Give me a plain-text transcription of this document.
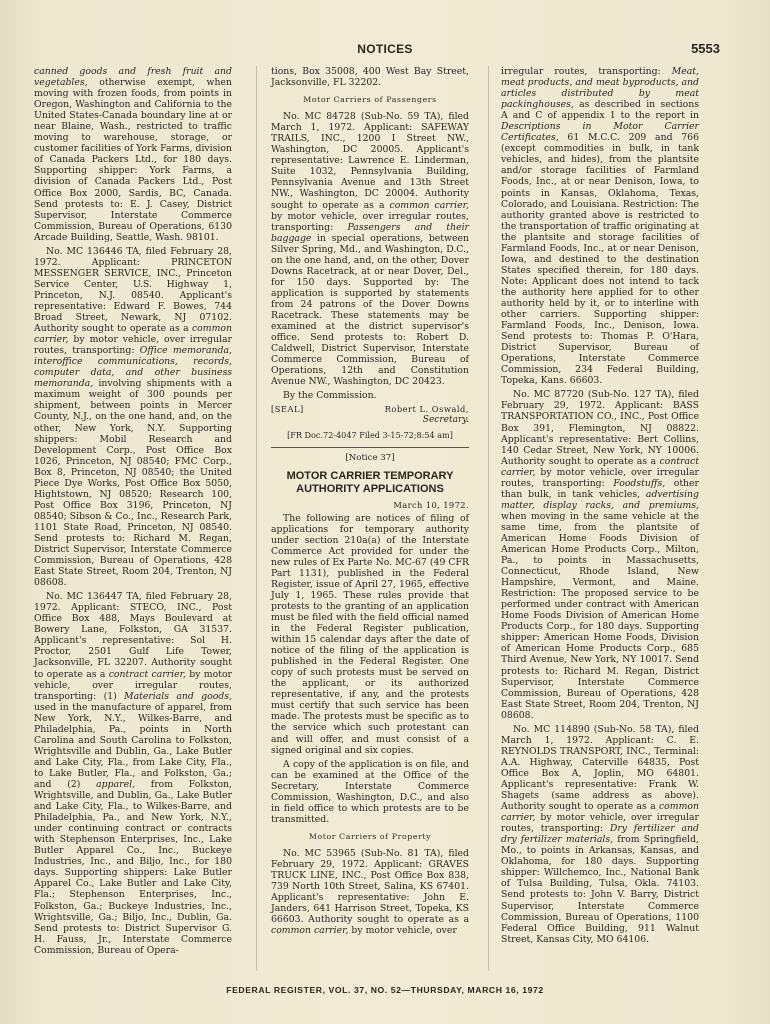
NOTICES	5553

canned goods and fresh fruit and vegetables, otherwise exempt, when moving with frozen foods, from points in Oregon, Washington and California to the United States-Canada boundary line at or near Blaine, Wash., restricted to traffic moving to warehouse, storage, or customer facilities of York Farms, division of Canada Packers Ltd., for 180 days. Supporting shipper: York Farms, a division of Canada Packers Ltd., Post Office Box 2000, Sardis, BC, Canada. Send protests to: E. J. Casey, District Supervisor, Interstate Commerce Commission, Bureau of Operations, 6130 Arcade Building, Seattle, Wash. 98101.

No. MC 136446 TA, filed February 28, 1972. Applicant: PRINCETON MESSENGER SERVICE, INC., Princeton Service Center, U.S. Highway 1, Princeton, N.J. 08540. Applicant's representative: Edward F. Bowes, 744 Broad Street, Newark, NJ 07102. Authority sought to operate as a common carrier, by motor vehicle, over irregular routes, transporting: Office memoranda, interoffice communications, records, computer data, and other business memoranda, involving shipments with a maximum weight of 300 pounds per shipment, between points in Mercer County, N.J., on the one hand, and, on the other, New York, N.Y. Supporting shippers: Mobil Research and Development Corp., Post Office Box 1026, Princeton, NJ 08540; FMC Corp., Box 8, Princeton, NJ 08540; the United Piece Dye Works, Post Office Box 5050, Hightstown, NJ 08520; Research 100, Post Office Box 3196, Princeton, NJ 08540; Sibson & Co., Inc., Research Park, 1101 State Road, Princeton, NJ 08540. Send protests to: Richard M. Regan, District Supervisor, Interstate Commerce Commission, Bureau of Operations, 428 East State Street, Room 204, Trenton, NJ 08608.

No. MC 136447 TA, filed February 28, 1972. Applicant: STECO, INC., Post Office Box 488, Mays Boulevard at Bowery Lane, Folkston, GA 31537. Applicant's representative: Sol H. Proctor, 2501 Gulf Life Tower, Jacksonville, FL 32207. Authority sought to operate as a contract carrier, by motor vehicle, over irregular routes, transporting: (1) Materials and goods, used in the manufacture of apparel, from New York, N.Y., Wilkes-Barre, and Philadelphia, Pa., points in North Carolina and South Carolina to Folkston, Wrightsville and Dublin, Ga., Lake Butler and Lake City, Fla., from Lake City, Fla., to Lake Butler, Fla., and Folkston, Ga.; and (2) apparel, from Folkston, Wrightsville, and Dublin, Ga., Lake Butler and Lake City, Fla., to Wilkes-Barre, and Philadelphia, Pa., and New York, N.Y., under continuing contract or contracts with Stephenson Enterprises, Inc., Lake Butler Apparel Co., Inc., Buckeye Industries, Inc., and Biljo, Inc., for 180 days. Supporting shippers: Lake Butler Apparel Co., Lake Butler and Lake City, Fla.; Stephenson Enterprises, Inc., Folkston, Ga.; Buckeye Industries, Inc., Wrightsville, Ga.; Biljo, Inc., Dublin, Ga. Send protests to: District Supervisor G. H. Fauss, Jr., Interstate Commerce Commission, Bureau of Opera-

tions, Box 35008, 400 West Bay Street, Jacksonville, FL 32202.

Motor Carriers of Passengers

No. MC 84728 (Sub-No. 59 TA), filed March 1, 1972. Applicant: SAFEWAY TRAILS, INC., 1200 I Street NW., Washington, DC 20005. Applicant's representative: Lawrence E. Linderman, Suite 1032, Pennsylvania Building, Pennsylvania Avenue and 13th Street NW., Washington, DC 20004. Authority sought to operate as a common carrier, by motor vehicle, over irregular routes, transporting: Passengers and their baggage in special operations, between Silver Spring, Md., and Washington, D.C., on the one hand, and, on the other, Dover Downs Racetrack, at or near Dover, Del., for 150 days. Supported by: The application is supported by statements from 24 patrons of the Dover Downs Racetrack. These statements may be examined at the district supervisor's office. Send protests to: Robert D. Caldwell, District Supervisor, Interstate Commerce Commission, Bureau of Operations, 12th and Constitution Avenue NW., Washington, DC 20423.

By the Commission.

[SEAL]	Robert L. Oswald,
Secretary.
[FR Doc.72-4047 Filed 3-15-72;8:54 am]
[Notice 37]
MOTOR CARRIER TEMPORARY
AUTHORITY APPLICATIONS
March 10, 1972.

The following are notices of filing of applications for temporary authority under section 210a(a) of the Interstate Commerce Act provided for under the new rules of Ex Parte No. MC-67 (49 CFR Part 1131), published in the Federal Register, issue of April 27, 1965, effective July 1, 1965. These rules provide that protests to the granting of an application must be filed with the field official named in the Federal Register publication, within 15 calendar days after the date of notice of the filing of the application is published in the Federal Register. One copy of such protests must be served on the applicant, or its authorized representative, if any, and the protests must certify that such service has been made. The protests must be specific as to the service which such protestant can and will offer, and must consist of a signed original and six copies.

A copy of the application is on file, and can be examined at the Office of the Secretary, Interstate Commerce Commission, Washington, D.C., and also in field office to which protests are to be transmitted.

Motor Carriers of Property

No. MC 53965 (Sub-No. 81 TA), filed February 29, 1972. Applicant: GRAVES TRUCK LINE, INC., Post Office Box 838, 739 North 10th Street, Salina, KS 67401. Applicant's representative: John E. Janders, 641 Harrison Street, Topeka, KS 66603. Authority sought to operate as a common carrier, by motor vehicle, over

irregular routes, transporting: Meat, meat products, and meat byproducts, and articles distributed by meat packinghouses, as described in sections A and C of appendix 1 to the report in Descriptions in Motor Carrier Certificates, 61 M.C.C. 209 and 766 (except commodities in bulk, in tank vehicles, and hides), from the plantsite and/or storage facilities of Farmland Foods, Inc., at or near Denison, Iowa, to points in Kansas, Oklahoma, Texas, Colorado, and Louisiana. Restriction: The authority granted above is restricted to the transportation of traffic originating at the plantsite and storage facilities of Farmland Foods, Inc., at or near Denison, Iowa, and destined to the destination States specified therein, for 180 days. Note: Applicant does not intend to tack the authority here applied for to other authority held by it, or to interline with other carriers. Supporting shipper: Farmland Foods, Inc., Denison, Iowa. Send protests to: Thomas P. O'Hara, District Supervisor, Bureau of Operations, Interstate Commerce Commission, 234 Federal Building, Topeka, Kans. 66603.

No. MC 87720 (Sub-No. 127 TA), filed February 29, 1972. Applicant: BASS TRANSPORTATION CO., INC., Post Office Box 391, Flemington, NJ 08822. Applicant's representative: Bert Collins, 140 Cedar Street, New York, NY 10006. Authority sought to operate as a contract carrier, by motor vehicle, over irregular routes, transporting: Foodstuffs, other than bulk, in tank vehicles, advertising matter, display racks, and premiums, when moving in the same vehicle at the same time, from the plantsite of American Home Foods Division of American Home Products Corp., Milton, Pa., to points in Massachusetts, Connecticut, Rhode Island, New Hampshire, Vermont, and Maine. Restriction: The proposed service to be performed under contract with American Home Foods Division of American Home Products Corp., for 180 days. Supporting shipper: American Home Foods, Division of American Home Products Corp., 685 Third Avenue, New York, NY 10017. Send protests to: Richard M. Regan, District Supervisor, Interstate Commerce Commission, Bureau of Operations, 428 East State Street, Room 204, Trenton, NJ 08608.

No. MC 114890 (Sub-No. 58 TA), filed March 1, 1972. Applicant: C. E. REYNOLDS TRANSPORT, INC., Terminal: A.A. Highway, Caterville 64835, Post Office Box A, Joplin, MO 64801. Applicant's representative: Frank W. Shagets (same address as above). Authority sought to operate as a common carrier, by motor vehicle, over irregular routes, transporting: Dry fertilizer and dry fertilizer materials, from Springfield, Mo., to points in Arkansas, Kansas, and Oklahoma, for 180 days. Supporting shipper: Willchemco, Inc., National Bank of Tulsa Building, Tulsa, Okla. 74103. Send protests to: John V. Barry, District Supervisor, Interstate Commerce Commission, Bureau of Operations, 1100 Federal Office Building, 911 Walnut Street, Kansas City, MO 64106.

FEDERAL REGISTER, VOL. 37, NO. 52—THURSDAY, MARCH 16, 1972
